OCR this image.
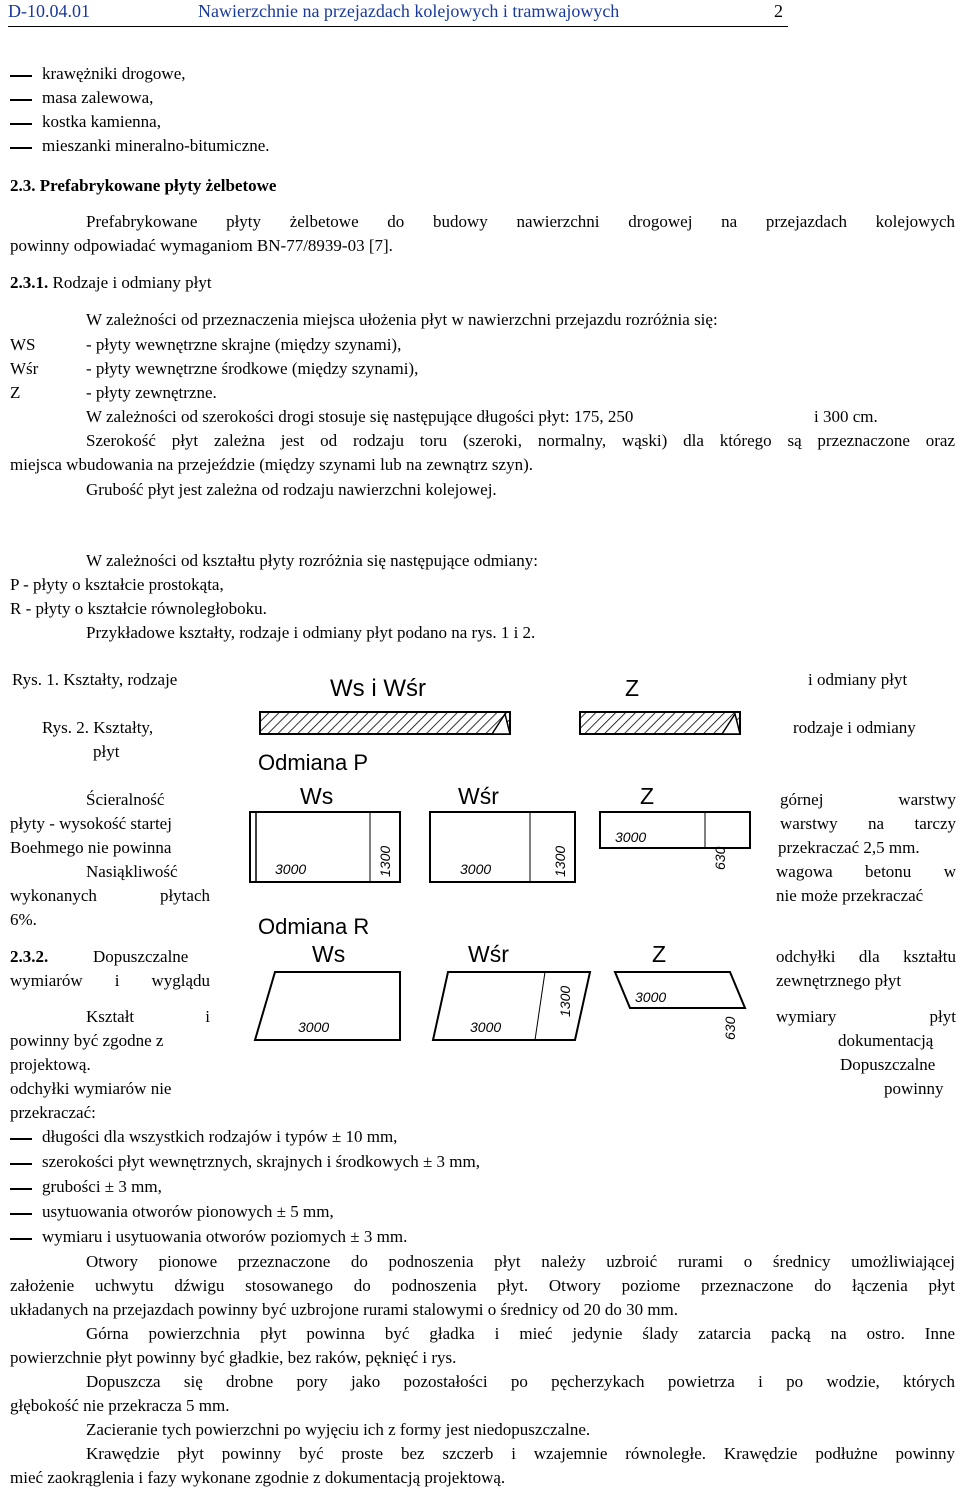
D-10.04.01	Nawierzchnie na przejazdach kolejowych i tramwajowych	2
krawężniki drogowe,
masa zalewowa,
kostka kamienna,
mieszanki mineralno-bitumiczne.
2.3. Prefabrykowane płyty żelbetowe
Prefabrykowane płyty żelbetowe do budowy nawierzchni drogowej na przejazdach kolejowych
powinny odpowiadać wymaganiom BN-77/8939-03 [7].
2.3.1. Rodzaje i odmiany płyt
W zależności od przeznaczenia miejsca ułożenia płyt w nawierzchni przejazdu rozróżnia się:
WS	- płyty wewnętrzne skrajne (między szynami),
Wśr	- płyty wewnętrzne środkowe (między szynami),
Z	- płyty zewnętrzne.
W zależności od szerokości drogi stosuje się następujące długości płyt: 175, 250	i 300 cm.
Szerokość płyt zależna jest od rodzaju toru (szeroki, normalny, wąski) dla którego są przeznaczone oraz
miejsca wbudowania na przejeździe (między szynami lub na zewnątrz szyn).
Grubość płyt jest zależna od rodzaju nawierzchni kolejowej.
W zależności od kształtu płyty rozróżnia się następujące odmiany:
P - płyty o kształcie prostokąta,
R - płyty o kształcie równoległoboku.
Przykładowe kształty, rodzaje i odmiany płyt podano na rys. 1 i 2.
Rys. 1. Kształty, rodzaje	i odmiany płyt
Rys. 2. Kształty,
płyt
rodzaje i odmiany
Ścieralność	górnej warstwy
płyty - wysokość startej	warstwy na tarczy
Boehmego nie powinna	przekraczać 2,5 mm.
Nasiąkliwość	wagowa betonu w
wykonanych płytach	nie może przekraczać
6%.
2.3.2.	Dopuszczalne	odchyłki dla kształtu
wymiarów i wyglądu	zewnętrznego płyt
Kształt i	wymiary płyt
powinny być zgodne z	dokumentacją
projektową.	Dopuszczalne
odchyłki wymiarów nie	powinny
przekraczać:
długości dla wszystkich rodzajów i typów ± 10 mm,
szerokości płyt wewnętrznych, skrajnych i środkowych ± 3 mm,
grubości ± 3 mm,
usytuowania otworów pionowych ± 5 mm,
wymiaru i usytuowania otworów poziomych ± 3 mm.
Otwory pionowe przeznaczone do podnoszenia płyt należy uzbroić rurami o średnicy umożliwiającej
założenie uchwytu dźwigu stosowanego do podnoszenia płyt. Otwory poziome przeznaczone do łączenia płyt
układanych na przejazdach powinny być uzbrojone rurami stalowymi o średnicy od 20 do 30 mm.
Górna powierzchnia płyt powinna być gładka i mieć jedynie ślady zatarcia packą na ostro. Inne
powierzchnie płyt powinny być gładkie, bez raków, pęknięć i rys.
Dopuszcza się drobne pory jako pozostałości po pęcherzykach powietrza i po wodzie, których
głębokość nie przekracza 5 mm.
Zacieranie tych powierzchni po wyjęciu ich z formy jest niedopuszczalne.
Krawędzie płyt powinny być proste bez szczerb i wzajemnie równoległe. Krawędzie podłużne powinny
mieć zaokrąglenia i fazy wykonane zgodnie z dokumentacją projektową.
Ws i Wśr	Z
Odmiana P
Ws	Wśr	Z
3000	1300	3000	1300
3000
630
Odmiana R
Ws	Wśr	Z
3000	3000
1300	3000
630
